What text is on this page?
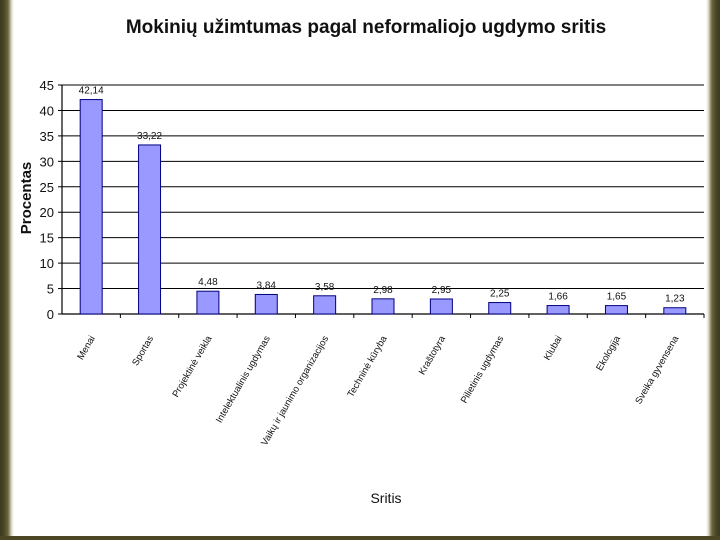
Mokinių užimtumas pagal neformaliojo ugdymo sritis
0
5
10
15
20
25
30
35
40
45 42,14
33,22
4,48	3,84	3,58	2,98	2,95	2,25	1,66	1,65	1,23
Menai	Sportas Projektinė veikla Intelektualinis ugdymas
Vaikų ir jaunimo organizacijos Techninė kūryba	Kraštotyra Pilietinis ugdymas	Klubai	Ekologija Sveika gyvensena
Procentas
Sritis
